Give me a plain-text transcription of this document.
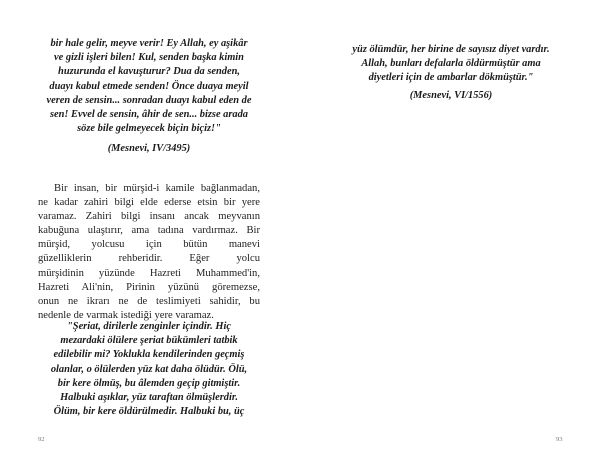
bir hale gelir, meyve verir! Ey Allah, ey aşikâr
ve gizli işleri bilen! Kul, senden başka kimin
huzurunda el kavuşturur? Dua da senden,
duayı kabul etmede senden! Önce duaya meyil
veren de sensin... sonradan duayı kabul eden de
sen! Evvel de sensin, âhir de sen... bizse arada
söze bile gelmeyecek biçin biçiz!"

(Mesnevi, IV/3495)

Bir insan, bir mürşid-i kamile bağlanmadan,
ne kadar zahiri bilgi elde ederse etsin bir yere
varamaz. Zahiri bilgi insanı ancak meyvanın
kabuğuna ulaştırır, ama tadına vardırmaz. Bir
mürşid, yolcusu için bütün manevi
güzelliklerin rehberidir. Eğer yolcu
mürşidinin yüzünde Hazreti Muhammed'in,
Hazreti Ali'nin, Pirinin yüzünü göremezse,
onun ne ikrarı ne de teslimiyeti sahidir, bu
nedenle de varmak istediği yere varamaz.

"Şeriat, dirilerle zenginler içindir. Hiç
mezardaki ölülere şeriat bükümleri tatbik
edilebilir mi? Yoklukla kendilerinden geçmiş
olanlar, o ölülerden yüz kat daha ölüdür. Ölü,
bir kere ölmüş, bu âlemden geçip gitmiştir.
Halbuki aşıklar, yüz taraftan ölmüşlerdir.
Ölüm, bir kere öldürülmedir. Halbuki bu, üç

92

yüz ölümdür, her birine de sayısız diyet vardır.
Allah, bunları defalarla öldürmüştür ama
diyetleri için de ambarlar dökmüştür."

(Mesnevi, VI/1556)

93
